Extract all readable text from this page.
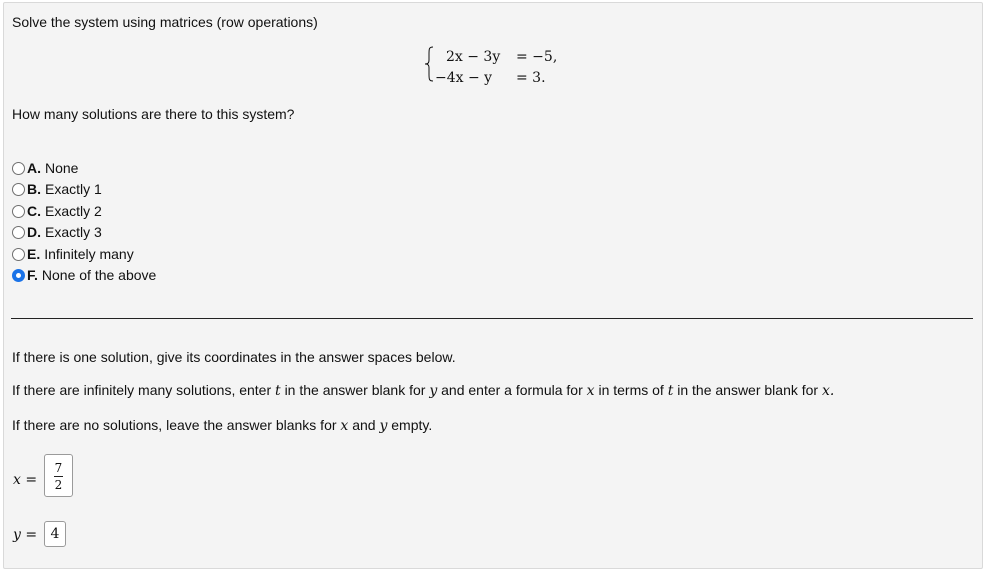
Solve the system using matrices (row operations)
2x − 3y = −5,
−4x − y = 3.
How many solutions are there to this system?
A. None
B. Exactly 1
C. Exactly 2
D. Exactly 3
E. Infinitely many
F. None of the above
If there is one solution, give its coordinates in the answer spaces below.
If there are infinitely many solutions, enter t in the answer blank for y and enter a formula for x in terms of t in the answer blank for x.
If there are no solutions, leave the answer blanks for x and y empty.
x =
7
2
y = 4
